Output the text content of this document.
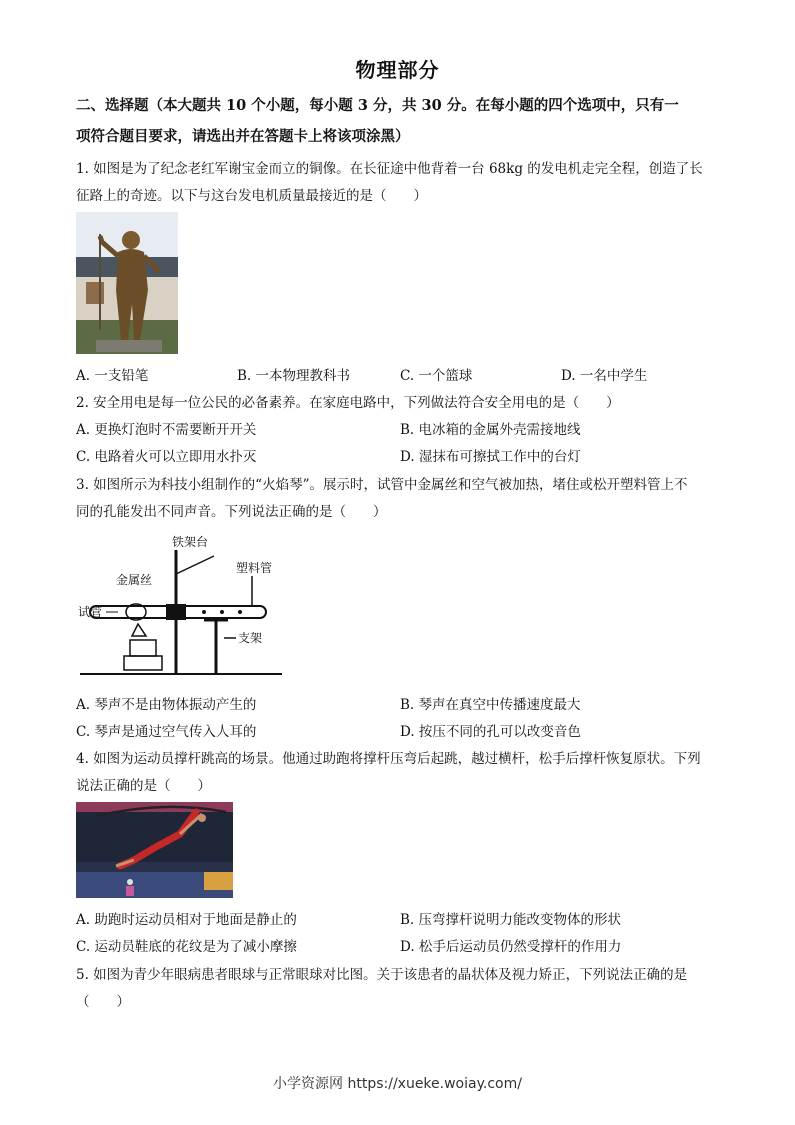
物理部分
二、选择题（本大题共 10 个小题，每小题 3 分，共 30 分。在每小题的四个选项中，只有一
项符合题目要求，请选出并在答题卡上将该项涂黑）
1. 如图是为了纪念老红军谢宝金而立的铜像。在长征途中他背着一台 68kg 的发电机走完全程，创造了长
征路上的奇迹。以下与这台发电机质量最接近的是（　　）
A. 一支铅笔	B. 一本物理教科书	C. 一个篮球	D. 一名中学生
2. 安全用电是每一位公民的必备素养。在家庭电路中，下列做法符合安全用电的是（　　）
A. 更换灯泡时不需要断开开关	B. 电冰箱的金属外壳需接地线
C. 电路着火可以立即用水扑灭	D. 湿抹布可擦拭工作中的台灯
3. 如图所示为科技小组制作的“火焰琴”。展示时，试管中金属丝和空气被加热，堵住或松开塑料管上不
同的孔能发出不同声音。下列说法正确的是（　　）
铁架台
金属丝
塑料管
试管
支架
A. 琴声不是由物体振动产生的	B. 琴声在真空中传播速度最大
C. 琴声是通过空气传入人耳的	D. 按压不同的孔可以改变音色
4. 如图为运动员撑杆跳高的场景。他通过助跑将撑杆压弯后起跳，越过横杆，松手后撑杆恢复原状。下列
说法正确的是（　　）
A. 助跑时运动员相对于地面是静止的	B. 压弯撑杆说明力能改变物体的形状
C. 运动员鞋底的花纹是为了减小摩擦	D. 松手后运动员仍然受撑杆的作用力
5. 如图为青少年眼病患者眼球与正常眼球对比图。关于该患者的晶状体及视力矫正，下列说法正确的是
（　　）
小学资源网 https://xueke.woiay.com/
